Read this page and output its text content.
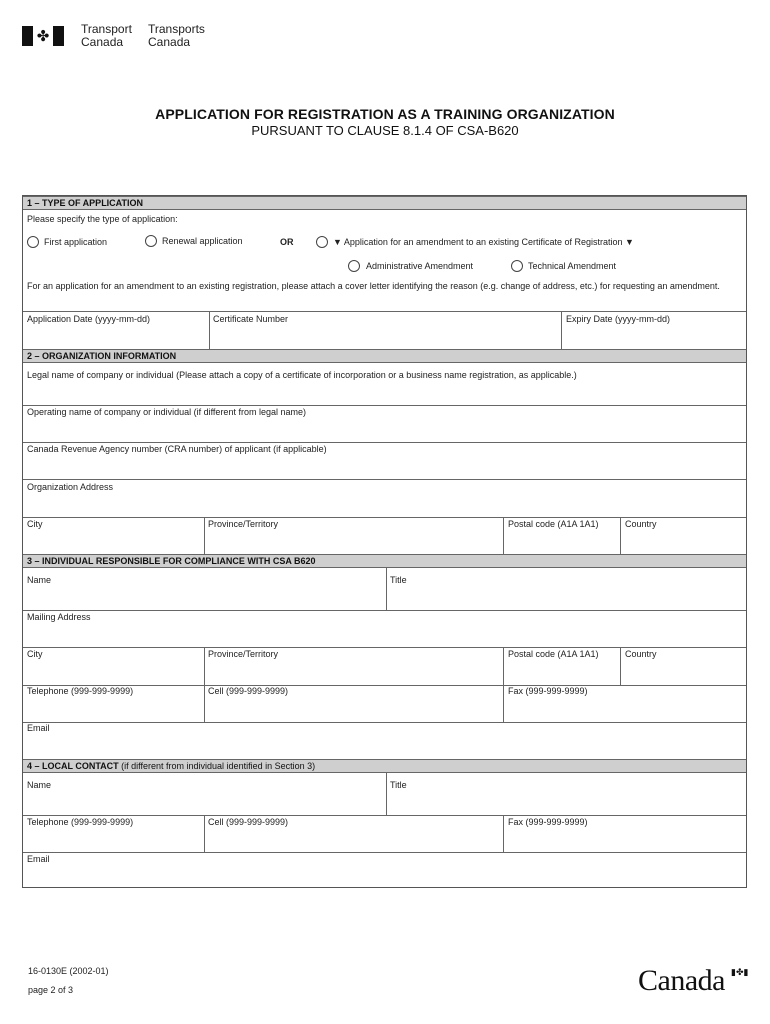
✤	Transport
Canada
Transports
Canada
APPLICATION FOR REGISTRATION AS A TRAINING ORGANIZATION
PURSUANT TO CLAUSE 8.1.4 OF CSA-B620
1 – TYPE OF APPLICATION
Please specify the type of application:
First application	Renewal application	OR	▼ Application for an amendment to an existing Certificate of Registration ▼
Administrative Amendment	Technical Amendment
For an application for an amendment to an existing registration, please attach a cover letter identifying the reason (e.g. change of address, etc.) for requesting an amendment.
Application Date (yyyy-mm-dd)	Certificate Number	Expiry Date (yyyy-mm-dd)
2 – ORGANIZATION INFORMATION
Legal name of company or individual (Please attach a copy of a certificate of incorporation or a business name registration, as applicable.)
Operating name of company or individual (if different from legal name)
Canada Revenue Agency number (CRA number) of applicant (if applicable)
Organization Address
City	Province/Territory	Postal code (A1A 1A1)	Country
3 – INDIVIDUAL RESPONSIBLE FOR COMPLIANCE WITH CSA B620
Name	Title
Mailing Address
City	Province/Territory	Postal code (A1A 1A1)	Country
Telephone (999-999-9999)	Cell (999-999-9999)	Fax (999-999-9999)
Email
4 – LOCAL CONTACT (if different from individual identified in Section 3)
Name	Title
Telephone (999-999-9999)	Cell (999-999-9999)	Fax (999-999-9999)
Email
16-0130E (2002-01)
page 2 of 3	Canada ▮✤▮
